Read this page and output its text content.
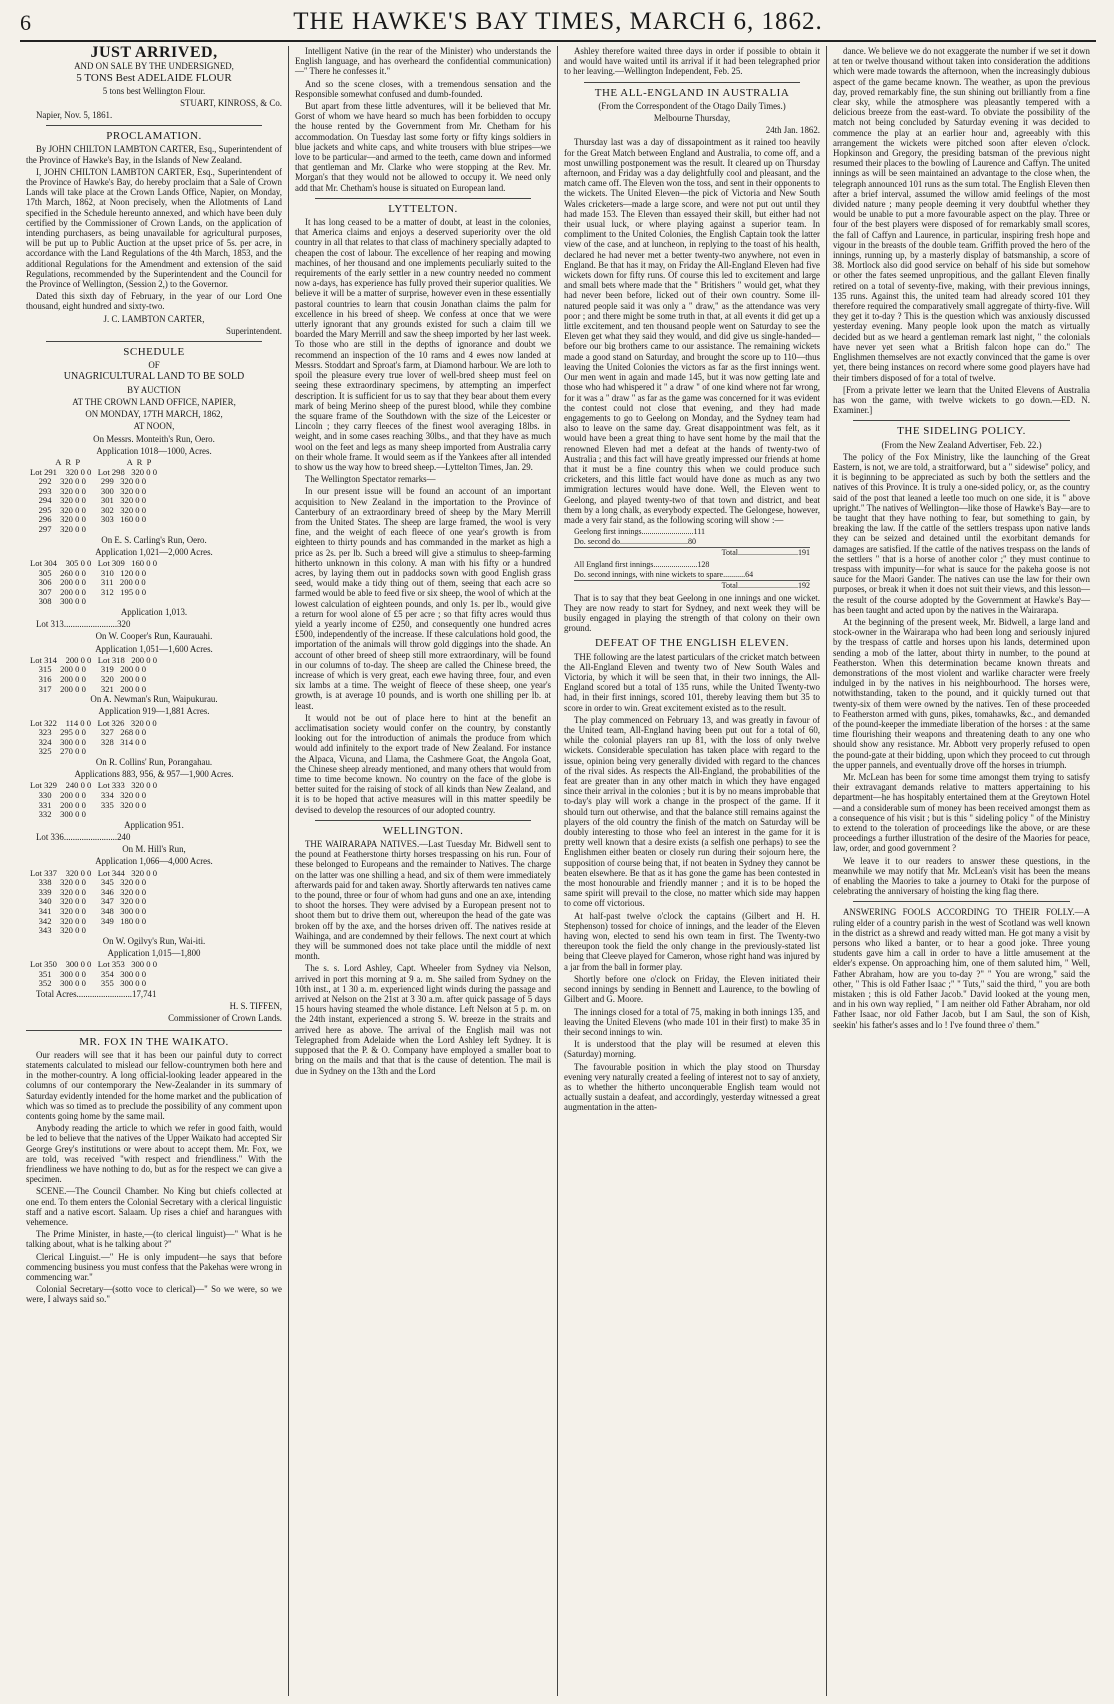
6	THE HAWKE'S BAY TIMES, MARCH 6, 1862.
JUST ARRIVED,

AND ON SALE BY THE UNDERSIGNED,

5 TONS Best ADELAIDE FLOUR

5 tons best Wellington Flour.

STUART, KINROSS, & Co.

Napier, Nov. 5, 1861.

PROCLAMATION.

By JOHN CHILTON LAMBTON CARTER, Esq., Superintendent of the Province of Hawke's Bay, in the Islands of New Zealand.

I, JOHN CHILTON LAMBTON CARTER, Esq., Superintendent of the Province of Hawke's Bay, do hereby proclaim that a Sale of Crown Lands will take place at the Crown Lands Office, Napier, on Monday, 17th March, 1862, at Noon precisely, when the Allotments of Land specified in the Schedule hereunto annexed, and which have been duly certified by the Commissioner of Crown Lands, on the application of intending purchasers, as being unavailable for agricultural purposes, will be put up to Public Auction at the upset price of 5s. per acre, in accordance with the Land Regulations of the 4th March, 1853, and the additional Regulations for the Amendment and extension of the said Regulations, recommended by the Superintendent and the Council for the Province of Wellington, (Session 2,) to the Governor.

Dated this sixth day of February, in the year of our Lord One thousand, eight hundred and sixty-two.

J. C. LAMBTON CARTER,

Superintendent.

SCHEDULE

OF

UNAGRICULTURAL LAND TO BE SOLD

BY AUCTION

AT THE CROWN LAND OFFICE, NAPIER,

ON MONDAY, 17TH MARCH, 1862,

AT NOON,

On Messrs. Monteith's Run, Oero.

Application 1018—1000, Acres.

A  R  P                      A  R  P
Lot 291    320 0 0   Lot 298   320 0 0
292    320 0 0       299   320 0 0
293    320 0 0       300   320 0 0
294    320 0 0       301   320 0 0
295    320 0 0       302   320 0 0
296    320 0 0       303   160 0 0
297    320 0 0

On E. S. Carling's Run, Oero.

Application 1,021—2,000 Acres.

Lot 304    305 0 0   Lot 309   160 0 0
305    260 0 0       310   120 0 0
306    200 0 0       311   200 0 0
307    200 0 0       312   195 0 0
308    300 0 0

Application 1,013.

Lot 313........................320

On W. Cooper's Run, Kaurauahi.

Application 1,051—1,600 Acres.

Lot 314    200 0 0   Lot 318   200 0 0
315    200 0 0       319   200 0 0
316    200 0 0       320   200 0 0
317    200 0 0       321   200 0 0

On A. Newman's Run, Waipukurau.

Application 919—1,881 Acres.

Lot 322    114 0 0   Lot 326   320 0 0
323    295 0 0       327   268 0 0
324    300 0 0       328   314 0 0
325    270 0 0

On R. Collins' Run, Porangahau.

Applications 883, 956, & 957—1,900 Acres.

Lot 329    240 0 0   Lot 333   320 0 0
330    200 0 0       334   320 0 0
331    200 0 0       335   320 0 0
332    300 0 0

Application 951.

Lot 336........................240

On M. Hill's Run,

Application 1,066—4,000 Acres.

Lot 337    320 0 0   Lot 344   320 0 0
338    320 0 0       345   320 0 0
339    320 0 0       346   320 0 0
340    320 0 0       347   320 0 0
341    320 0 0       348   300 0 0
342    320 0 0       349   180 0 0
343    320 0 0

On W. Ogilvy's Run, Wai-iti.

Application 1,015—1,800

Lot 350    300 0 0   Lot 353   300 0 0
351    300 0 0       354   300 0 0
352    300 0 0       355   300 0 0

Total Acres.........................17,741

H. S. TIFFEN,

Commissioner of Crown Lands.

MR. FOX IN THE WAIKATO.

Our readers will see that it has been our painful duty to correct statements calculated to mislead our fellow-countrymen both here and in the mother-country. A long official-looking leader appeared in the columns of our contemporary the New-Zealander in its summary of Saturday evidently intended for the home market and the publication of which was so timed as to preclude the possibility of any comment upon contents going home by the same mail.

Anybody reading the article to which we refer in good faith, would be led to believe that the natives of the Upper Waikato had accepted Sir George Grey's institutions or were about to accept them. Mr. Fox, we are told, was received "with respect and friendliness." With the friendliness we have nothing to do, but as for the respect we can give a specimen.

SCENE.—The Council Chamber. No King but chiefs collected at one end. To them enters the Colonial Secretary with a clerical linguistic staff and a native escort. Salaam. Up rises a chief and harangues with vehemence.

The Prime Minister, in haste,—(to clerical linguist)—" What is he talking about, what is he talking about ?"

Clerical Linguist.—" He is only impudent—he says that before commencing business you must confess that the Pakehas were wrong in commencing war."

Colonial Secretary—(sotto voce to clerical)—" So we were, so we were, I always said so."

Intelligent Native (in the rear of the Minister) who understands the English language, and has overheard the confidential communication)—" There he confesses it."

And so the scene closes, with a tremendous sensation and the Responsible somewhat confused and dumb-founded.

But apart from these little adventures, will it be believed that Mr. Gorst of whom we have heard so much has been forbidden to occupy the house rented by the Government from Mr. Chetham for his accommodation. On Tuesday last some forty or fifty kings soldiers in blue jackets and white caps, and white trousers with blue stripes—we love to be particular—and armed to the teeth, came down and informed that gentleman and Mr. Clarke who were stopping at the Rev. Mr. Morgan's that they would not be allowed to occupy it. We need only add that Mr. Chetham's house is situated on European land.

LYTTELTON.

It has long ceased to be a matter of doubt, at least in the colonies, that America claims and enjoys a deserved superiority over the old country in all that relates to that class of machinery specially adapted to cheapen the cost of labour. The excellence of her reaping and mowing machines, of her thousand and one implements peculiarly suited to the requirements of the early settler in a new country needed no comment now a-days, has experience has fully proved their superior qualities. We believe it will be a matter of surprise, however even in these essentially pastoral countries to learn that cousin Jonathan claims the palm for excellence in his breed of sheep. We confess at once that we were utterly ignorant that any grounds existed for such a claim till we boarded the Mary Merrill and saw the sheep imported by her last week. To those who are still in the depths of ignorance and doubt we recommend an inspection of the 10 rams and 4 ewes now landed at Messrs. Stoddart and Sproat's farm, at Diamond harbour. We are loth to spoil the pleasure every true lover of well-bred sheep must feel on seeing these extraordinary specimens, by attempting an imperfect description. It is sufficient for us to say that they bear about them every mark of being Merino sheep of the purest blood, while they combine the square frame of the Southdown with the size of the Leicester or Lincoln ; they carry fleeces of the finest wool averaging 18lbs. in weight, and in some cases reaching 30lbs., and that they have as much wool on the feet and legs as many sheep imported from Australia carry on their whole frame. It would seem as if the Yankees after all intended to show us the way how to breed sheep.—Lyttelton Times, Jan. 29.

The Wellington Spectator remarks—

In our present issue will be found an account of an important acquisition to New Zealand in the importation to the Province of Canterbury of an extraordinary breed of sheep by the Mary Merrill from the United States. The sheep are large framed, the wool is very fine, and the weight of each fleece of one year's growth is from eighteen to thirty pounds and has commanded in the market as high a price as 2s. per lb. Such a breed will give a stimulus to sheep-farming hitherto unknown in this colony. A man with his fifty or a hundred acres, by laying them out in paddocks sown with good English grass seed, would make a tidy thing out of them, seeing that each acre so farmed would be able to feed five or six sheep, the wool of which at the lowest calculation of eighteen pounds, and only 1s. per lb., would give a return for wool alone of £5 per acre ; so that fifty acres would thus yield a yearly income of £250, and consequently one hundred acres £500, independently of the increase. If these calculations hold good, the importation of the animals will throw gold diggings into the shade. An account of other breed of sheep still more extraordinary, will be found in our columns of to-day. The sheep are called the Chinese breed, the increase of which is very great, each ewe having three, four, and even six lambs at a time. The weight of fleece of these sheep, one year's growth, is at average 10 pounds, and is worth one shilling per lb. at least.

It would not be out of place here to hint at the benefit an acclimatisation society would confer on the country, by constantly looking out for the introduction of animals the produce from which would add infinitely to the export trade of New Zealand. For instance the Alpaca, Vicuna, and Llama, the Cashmere Goat, the Angola Goat, the Chinese sheep already mentioned, and many others that would from time to time become known. No country on the face of the globe is better suited for the raising of stock of all kinds than New Zealand, and it is to be hoped that active measures will in this matter speedily be devised to develop the resources of our adopted country.

WELLINGTON.

THE WAIRARAPA NATIVES.—Last Tuesday Mr. Bidwell sent to the pound at Featherstone thirty horses trespassing on his run. Four of these belonged to Europeans and the remainder to Natives. The charge on the latter was one shilling a head, and six of them were immediately afterwards paid for and taken away. Shortly afterwards ten natives came to the pound, three or four of whom had guns and one an axe, intending to shoot the horses. They were advised by a European present not to shoot them but to drive them out, whereupon the head of the gate was broken off by the axe, and the horses driven off. The natives reside at Waihinga, and are condemned by their fellows. The next court at which they will be summoned does not take place until the middle of next month.

The s. s. Lord Ashley, Capt. Wheeler from Sydney via Nelson, arrived in port this morning at 9 a. m. She sailed from Sydney on the 10th inst., at 1 30 a. m. experienced light winds during the passage and arrived at Nelson on the 21st at 3 30 a.m. after quick passage of 5 days 15 hours having steamed the whole distance. Left Nelson at 5 p. m. on the 24th instant, experienced a strong S. W. breeze in the straits and arrived here as above. The arrival of the English mail was not Telegraphed from Adelaide when the Lord Ashley left Sydney. It is supposed that the P. & O. Company have employed a smaller boat to bring on the mails and that that is the cause of detention. The mail is due in Sydney on the 13th and the Lord

Ashley therefore waited three days in order if possible to obtain it and would have waited until its arrival if it had been telegraphed prior to her leaving.—Wellington Independent, Feb. 25.

THE ALL-ENGLAND IN AUSTRALIA

(From the Correspondent of the Otago Daily Times.)

Melbourne Thursday,

24th Jan. 1862.

Thursday last was a day of dissapointment as it rained too heavily for the Great Match between England and Australia, to come off, and a most unwilling postponement was the result. It cleared up on Thursday afternoon, and Friday was a day delightfully cool and pleasant, and the match came off. The Eleven won the toss, and sent in their opponents to the wickets. The United Eleven—the pick of Victoria and New South Wales cricketers—made a large score, and were not put out until they had made 153. The Eleven than essayed their skill, but either had not their usual luck, or where playing against a superior team. In compliment to the United Colonies, the English Captain took the latter view of the case, and at luncheon, in replying to the toast of his health, declared he had never met a better twenty-two anywhere, not even in England. Be that has it may, on Friday the All-England Eleven had five wickets down for fifty runs. Of course this led to excitement and large and small bets where made that the " Britishers " would get, what they had never been before, licked out of their own country. Some ill-natured people said it was only a " draw," as the attendance was very poor ; and there might be some truth in that, at all events it did get up a little excitement, and ten thousand people went on Saturday to see the Eleven get what they said they would, and did give us single-handed—before our big brothers came to our assistance. The remaining wickets made a good stand on Saturday, and brought the score up to 110—thus leaving the United Colonies the victors as far as the first innings went. Our men went in again and made 145, but it was now getting late and those who had whispered it " a draw " of one kind where not far wrong, for it was a " draw " as far as the game was concerned for it was evident the contest could not close that evening, and they had made engagements to go to Geelong on Monday, and the Sydney team had also to leave on the same day. Great disappointment was felt, as it would have been a great thing to have sent home by the mail that the renowned Eleven had met a defeat at the hands of twenty-two of Australia ; and this fact will have greatly impressed our friends at home that it must be a fine country this when we could produce such cricketers, and this little fact would have done as much as any two immigration lectures would have done. Well, the Eleven went to Geelong, and played twenty-two of that town and district, and beat them by a long chalk, as everybody expected. The Gelongese, however, made a very fair stand, as the following scoring will show :—

Geelong first innings..........................111
Do. second do..................................80
Total..............................191
All England first innings......................128
Do. second innings, with nine wickets to spare...........64
Total..............................192

That is to say that they beat Geelong in one innings and one wicket. They are now ready to start for Sydney, and next week they will be busily engaged in playing the strength of that colony on their own ground.

DEFEAT OF THE ENGLISH ELEVEN.

THE following are the latest particulars of the cricket match between the All-England Eleven and twenty two of New South Wales and Victoria, by which it will be seen that, in their two innings, the All-England scored but a total of 135 runs, while the United Twenty-two had, in their first innings, scored 101, thereby leaving them but 35 to score in order to win. Great excitement existed as to the result.

The play commenced on February 13, and was greatly in favour of the United team, All-England having been put out for a total of 60, while the colonial players ran up 81, with the loss of only twelve wickets. Considerable speculation has taken place with regard to the issue, opinion being very generally divided with regard to the chances of the rival sides. As respects the All-England, the probabilities of the feat are greater than in any other match in which they have engaged since their arrival in the colonies ; but it is by no means improbable that to-day's play will work a change in the prospect of the game. If it should turn out otherwise, and that the balance still remains against the players of the old country the finish of the match on Saturday will be doubly interesting to those who feel an interest in the game for it is pretty well known that a desire exists (a selfish one perhaps) to see the Englishmen either beaten or closely run during their sojourn here, the supposition of course being that, if not beaten in Sydney they cannot be beaten elsewhere. Be that as it has gone the game has been contested in the most honourable and friendly manner ; and it is to be hoped the same spirit will prevail to the close, no matter which side may happen to come off victorious.

At half-past twelve o'clock the captains (Gilbert and H. H. Stephenson) tossed for choice of innings, and the leader of the Eleven having won, elected to send his own team in first. The Twenty-two thereupon took the field the only change in the previously-stated list being that Cleeve played for Cameron, whose right hand was injured by a jar from the ball in former play.

Shortly before one o'clock on Friday, the Eleven initiated their second innings by sending in Bennett and Laurence, to the bowling of Gilbert and G. Moore.

The innings closed for a total of 75, making in both innings 135, and leaving the United Elevens (who made 101 in their first) to make 35 in their second innings to win.

It is understood that the play will be resumed at eleven this (Saturday) morning.

The favourable position in which the play stood on Thursday evening very naturally created a feeling of interest not to say of anxiety, as to whether the hitherto unconquerable English team would not actually sustain a deafeat, and accordingly, yesterday witnessed a great augmentation in the atten-

dance. We believe we do not exaggerate the number if we set it down at ten or twelve thousand without taken into consideration the additions which were made towards the afternoon, when the increasingly dubious aspect of the game became known. The weather, as upon the previous day, proved remarkably fine, the sun shining out brilliantly from a fine clear sky, while the atmosphere was pleasantly tempered with a delicious breeze from the east-ward. To obviate the possibility of the match not being concluded by Saturday evening it was decided to commence the play at an earlier hour and, agreeably with this arrangement the wickets were pitched soon after eleven o'clock. Hopkinson and Gregory, the presiding batsman of the previous night resumed their places to the bowling of Laurence and Caffyn. The united innings as will be seen maintained an advantage to the close when, the telegraph announced 101 runs as the sum total. The English Eleven then after a brief interval, assumed the willow amid feelings of the most divided nature ; many people deeming it very doubtful whether they would be unable to put a more favourable aspect on the play. Three or four of the best players were disposed of for remarkably small scores, the fall of Caffyn and Laurence, in particular, inspiring fresh hope and vigour in the breasts of the double team. Griffith proved the hero of the innings, running up, by a masterly display of batsmanship, a score of 38. Mortlock also did good service on behalf of his side but somehow or other the fates seemed unpropitious, and the gallant Eleven finally retired on a total of seventy-five, making, with their previous innings, 135 runs. Against this, the united team had already scored 101 they therefore required the comparatively small aggregate of thirty-five. Will they get it to-day ? This is the question which was anxiously discussed yesterday evening. Many people look upon the match as virtually decided but as we heard a gentleman remark last night, " the colonials have never yet seen what a British falcon hope can do." The Englishmen themselves are not exactly convinced that the game is over yet, there being instances on record where some good players have had their timbers disposed of for a total of twelve.

[From a private letter we learn that the United Elevens of Australia has won the game, with twelve wickets to go down.—ED. N. Examiner.]

THE SIDELING POLICY.

(From the New Zealand Advertiser, Feb. 22.)

The policy of the Fox Ministry, like the launching of the Great Eastern, is not, we are told, a straitforward, but a " sidewise" policy, and it is beginning to be appreciated as such by both the settlers and the natives of this Province. It is truly a one-sided policy, or, as the country said of the post that leaned a leetle too much on one side, it is " above upright." The natives of Wellington—like those of Hawke's Bay—are to be taught that they have nothing to fear, but something to gain, by breaking the law. If the cattle of the settlers trespass upon native lands they can be seized and detained until the exorbitant demands for damages are satisfied. If the cattle of the natives trespass on the lands of the settlers " that is a horse of another color ;" they must continue to trespass with impunity—for what is sauce for the pakeha goose is not sauce for the Maori Gander. The natives can use the law for their own purposes, or break it when it does not suit their views, and this lesson—the result of the course adopted by the Government at Hawke's Bay—has been taught and acted upon by the natives in the Wairarapa.

At the beginning of the present week, Mr. Bidwell, a large land and stock-owner in the Wairarapa who had been long and seriously injured by the trespass of cattle and horses upon his lands, determined upon sending a mob of the latter, about thirty in number, to the pound at Featherston. When this determination became known threats and demonstrations of the most violent and warlike character were freely indulged in by the natives in his neighbourhood. The horses were, notwithstanding, taken to the pound, and it quickly turned out that twenty-six of them were owned by the natives. Ten of these proceeded to Featherston armed with guns, pikes, tomahawks, &c., and demanded of the pound-keeper the immediate liberation of the horses : at the same time flourishing their weapons and threatening death to any one who should show any resistance. Mr. Abbott very properly refused to open the pound-gate at their bidding, upon which they proceed to cut through the upper pannels, and eventually drove off the horses in triumph.

Mr. McLean has been for some time amongst them trying to satisfy their extravagant demands relative to matters appertaining to his department—he has hospitably entertained them at the Greytown Hotel—and a considerable sum of money has been received amongst them as a consequence of his visit ; but is this " sideling policy " of the Ministry to extend to the toleration of proceedings like the above, or are these proceedings a further illustration of the desire of the Maories for peace, law, order, and good government ?

We leave it to our readers to answer these questions, in the meanwhile we may notify that Mr. McLean's visit has been the means of enabling the Maories to take a journey to Otaki for the purpose of celebrating the anniversary of hoisting the king flag there.

ANSWERING FOOLS ACCORDING TO THEIR FOLLY.—A ruling elder of a country parish in the west of Scotland was well known in the district as a shrewd and ready witted man. He got many a visit by persons who liked a banter, or to hear a good joke. Three young students gave him a call in order to have a little amusement at the elder's expense. On approaching him, one of them saluted him, " Well, Father Abraham, how are you to-day ?" " You are wrong," said the other, " This is old Father Isaac ;" " Tuts," said the third, " you are both mistaken ; this is old Father Jacob." David looked at the young men, and in his own way replied, " I am neither old Father Abraham, nor old Father Isaac, nor old Father Jacob, but I am Saul, the son of Kish, seekin' his father's asses and lo ! I've found three o' them."
